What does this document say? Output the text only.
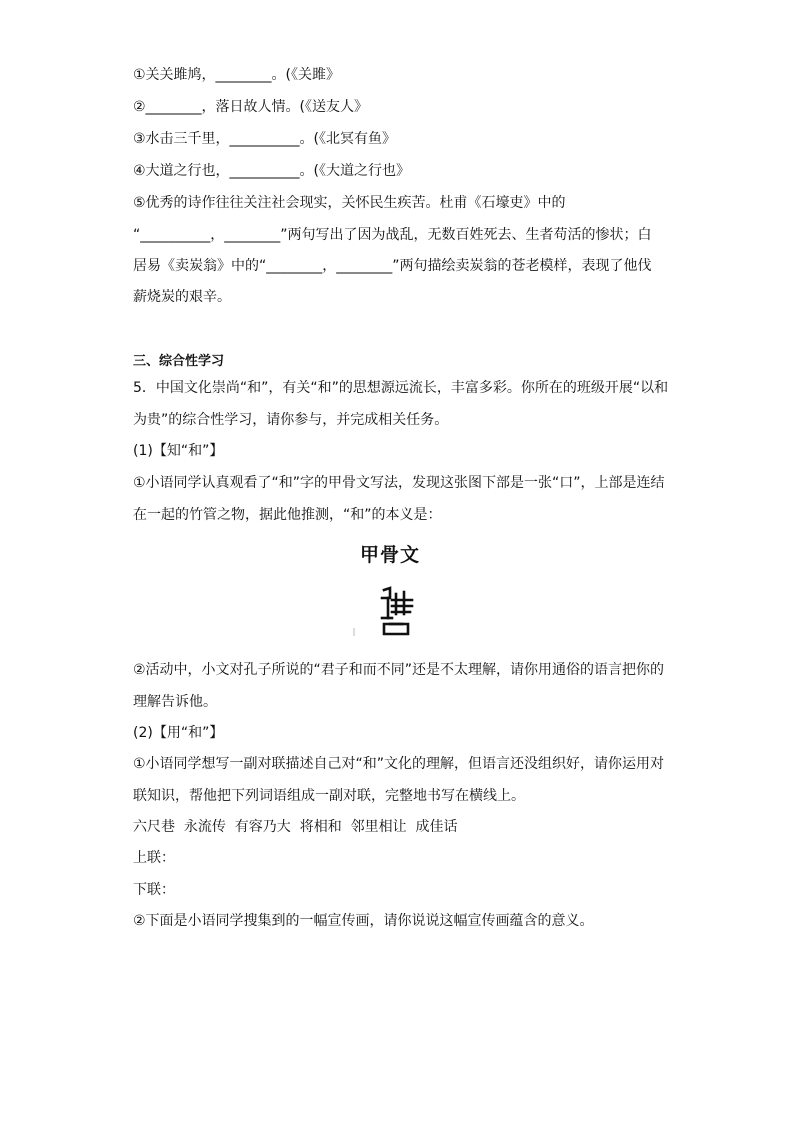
①关关雎鸠，________。(《关雎》
②________，落日故人情。(《送友人》
③水击三千里，__________。(《北冥有鱼》
④大道之行也，__________。(《大道之行也》
⑤优秀的诗作往往关注社会现实，关怀民生疾苦。杜甫《石壕吏》中的
“__________，________”两句写出了因为战乱，无数百姓死去、生者苟活的惨状；白
居易《卖炭翁》中的“________，________”两句描绘卖炭翁的苍老模样，表现了他伐
薪烧炭的艰辛。
三、综合性学习
5．中国文化崇尚“和”，有关“和”的思想源远流长，丰富多彩。你所在的班级开展“以和
为贵”的综合性学习，请你参与，并完成相关任务。
(1)【知“和”】
①小语同学认真观看了“和”字的甲骨文写法，发现这张图下部是一张“口”，上部是连结
在一起的竹管之物，据此他推测，“和”的本义是：
甲骨文
②活动中，小文对孔子所说的“君子和而不同”还是不太理解，请你用通俗的语言把你的
理解告诉他。
(2)【用“和”】
①小语同学想写一副对联描述自己对“和”文化的理解，但语言还没组织好，请你运用对
联知识，帮他把下列词语组成一副对联，完整地书写在横线上。
六尺巷  永流传  有容乃大  将相和  邻里相让  成佳话
上联：
下联：
②下面是小语同学搜集到的一幅宣传画，请你说说这幅宣传画蕴含的意义。
